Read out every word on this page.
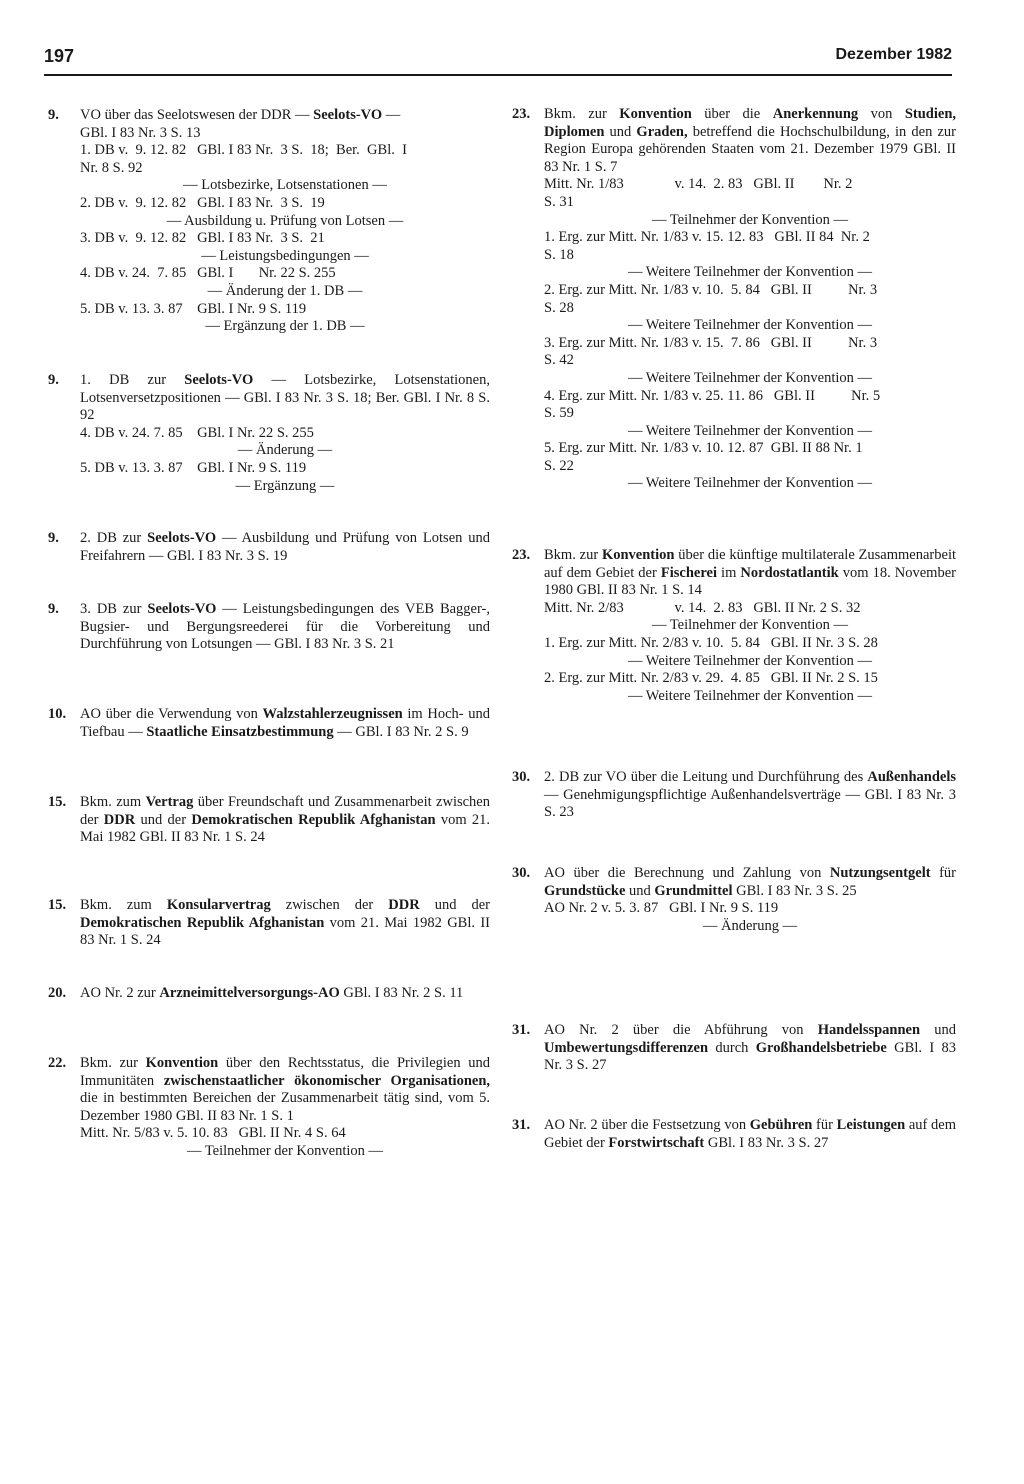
197	Dezember 1982
9.	VO über das Seelotswesen der DDR — Seelots-VO —
GBl. I 83 Nr. 3 S. 13
1. DB v.  9. 12. 82   GBl. I 83 Nr.  3 S.  18;  Ber.  GBl.  I
Nr. 8 S. 92
— Lotsbezirke, Lotsenstationen —
2. DB v.  9. 12. 82   GBl. I 83 Nr.  3 S.  19
— Ausbildung u. Prüfung von Lotsen —
3. DB v.  9. 12. 82   GBl. I 83 Nr.  3 S.  21
— Leistungsbedingungen —
4. DB v. 24.  7. 85   GBl. I       Nr. 22 S. 255
— Änderung der 1. DB —
5. DB v. 13. 3. 87    GBl. I Nr. 9 S. 119
— Ergänzung der 1. DB —
9.	1. DB zur Seelots-VO — Lotsbezirke, Lotsenstationen, Lotsenversetzpositionen — GBl. I 83 Nr. 3 S. 18; Ber. GBl. I Nr. 8 S. 92
4. DB v. 24. 7. 85    GBl. I Nr. 22 S. 255
— Änderung —
5. DB v. 13. 3. 87    GBl. I Nr. 9 S. 119
— Ergänzung —
9.	2. DB zur Seelots-VO — Ausbildung und Prüfung von Lotsen und Freifahrern — GBl. I 83 Nr. 3 S. 19
9.	3. DB zur Seelots-VO — Leistungsbedingungen des VEB Bagger-, Bugsier- und Bergungsreederei für die Vorbereitung und Durchführung von Lotsungen — GBl. I 83 Nr. 3 S. 21
10. AO über die Verwendung von Walzstahlerzeugnissen im Hoch- und Tiefbau — Staatliche Einsatzbestimmung — GBl. I 83 Nr. 2 S. 9
15. Bkm. zum Vertrag über Freundschaft und Zusammenarbeit zwischen der DDR und der Demokratischen Republik Afghanistan vom 21. Mai 1982 GBl. II 83 Nr. 1 S. 24
15. Bkm. zum Konsularvertrag zwischen der DDR und der Demokratischen Republik Afghanistan vom 21. Mai 1982 GBl. II 83 Nr. 1 S. 24
20. AO Nr. 2 zur Arzneimittelversorgungs-AO GBl. I 83 Nr. 2 S. 11
22. Bkm. zur Konvention über den Rechtsstatus, die Privilegien und Immunitäten zwischenstaatlicher ökonomischer Organisationen, die in bestimmten Bereichen der Zusammenarbeit tätig sind, vom 5. Dezember 1980 GBl. II 83 Nr. 1 S. 1
Mitt. Nr. 5/83 v. 5. 10. 83   GBl. II Nr. 4 S. 64
— Teilnehmer der Konvention —
23. Bkm. zur Konvention über die Anerkennung von Studien, Diplomen und Graden, betreffend die Hochschulbildung, in den zur Region Europa gehörenden Staaten vom 21. Dezember 1979 GBl. II 83 Nr. 1 S. 7
Mitt. Nr. 1/83              v. 14.  2. 83   GBl. II        Nr. 2
S. 31
— Teilnehmer der Konvention —
1. Erg. zur Mitt. Nr. 1/83 v. 15. 12. 83   GBl. II 84  Nr. 2
S. 18
— Weitere Teilnehmer der Konvention —
2. Erg. zur Mitt. Nr. 1/83 v. 10.  5. 84   GBl. II          Nr. 3
S. 28
— Weitere Teilnehmer der Konvention —
3. Erg. zur Mitt. Nr. 1/83 v. 15.  7. 86   GBl. II          Nr. 3
S. 42
— Weitere Teilnehmer der Konvention —
4. Erg. zur Mitt. Nr. 1/83 v. 25. 11. 86   GBl. II          Nr. 5
S. 59
— Weitere Teilnehmer der Konvention —
5. Erg. zur Mitt. Nr. 1/83 v. 10. 12. 87  GBl. II 88 Nr. 1
S. 22
— Weitere Teilnehmer der Konvention —
23. Bkm. zur Konvention über die künftige multilaterale Zusammenarbeit auf dem Gebiet der Fischerei im Nordostatlantik vom 18. November 1980 GBl. II 83 Nr. 1 S. 14
Mitt. Nr. 2/83              v. 14.  2. 83   GBl. II Nr. 2 S. 32
— Teilnehmer der Konvention —
1. Erg. zur Mitt. Nr. 2/83 v. 10.  5. 84   GBl. II Nr. 3 S. 28
— Weitere Teilnehmer der Konvention —
2. Erg. zur Mitt. Nr. 2/83 v. 29.  4. 85   GBl. II Nr. 2 S. 15
— Weitere Teilnehmer der Konvention —
30. 2. DB zur VO über die Leitung und Durchführung des Außenhandels — Genehmigungspflichtige Außenhandelsverträge — GBl. I 83 Nr. 3 S. 23
30. AO über die Berechnung und Zahlung von Nutzungsentgelt für Grundstücke und Grundmittel GBl. I 83 Nr. 3 S. 25
AO Nr. 2 v. 5. 3. 87   GBl. I Nr. 9 S. 119
— Änderung —
31. AO Nr. 2 über die Abführung von Handelsspannen und Umbewertungsdifferenzen durch Großhandelsbetriebe GBl. I 83 Nr. 3 S. 27
31. AO Nr. 2 über die Festsetzung von Gebühren für Leistungen auf dem Gebiet der Forstwirtschaft GBl. I 83 Nr. 3 S. 27
